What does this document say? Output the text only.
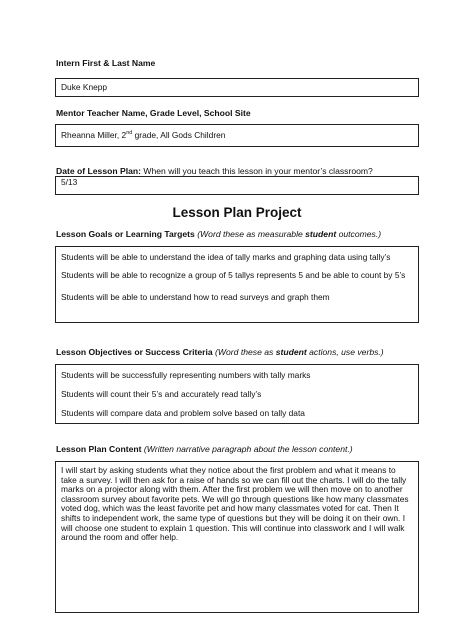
Intern First & Last Name
Duke Knepp
Mentor Teacher Name, Grade Level, School Site
Rheanna Miller, 2nd grade, All Gods Children
Date of Lesson Plan: When will you teach this lesson in your mentor’s classroom?
5/13
Lesson Plan Project
Lesson Goals or Learning Targets (Word these as measurable student outcomes.)
Students will be able to understand the idea of tally marks and graphing data using tally’s
Students will be able to recognize a group of 5 tallys represents 5 and be able to count by 5’s
Students will be able to understand how to read surveys and graph them
Lesson Objectives or Success Criteria (Word these as student actions, use verbs.)
Students will be successfully representing numbers with tally marks
Students will count their 5’s and accurately read tally’s
Students will compare data and problem solve based on tally data
Lesson Plan Content (Written narrative paragraph about the lesson content.)
I will start by asking students what they notice about the first problem and what it means to
take a survey. I will then ask for a raise of hands so we can fill out the charts. I will do the tally
marks on a projector along with them. After the first problem we will then move on to another
classroom survey about favorite pets. We will go through questions like how many classmates
voted dog, which was the least favorite pet and how many classmates voted for cat. Then It
shifts to independent work, the same type of questions but they will be doing it on their own. I
will choose one student to explain 1 question. This will continue into classwork and I will walk
around the room and offer help.
